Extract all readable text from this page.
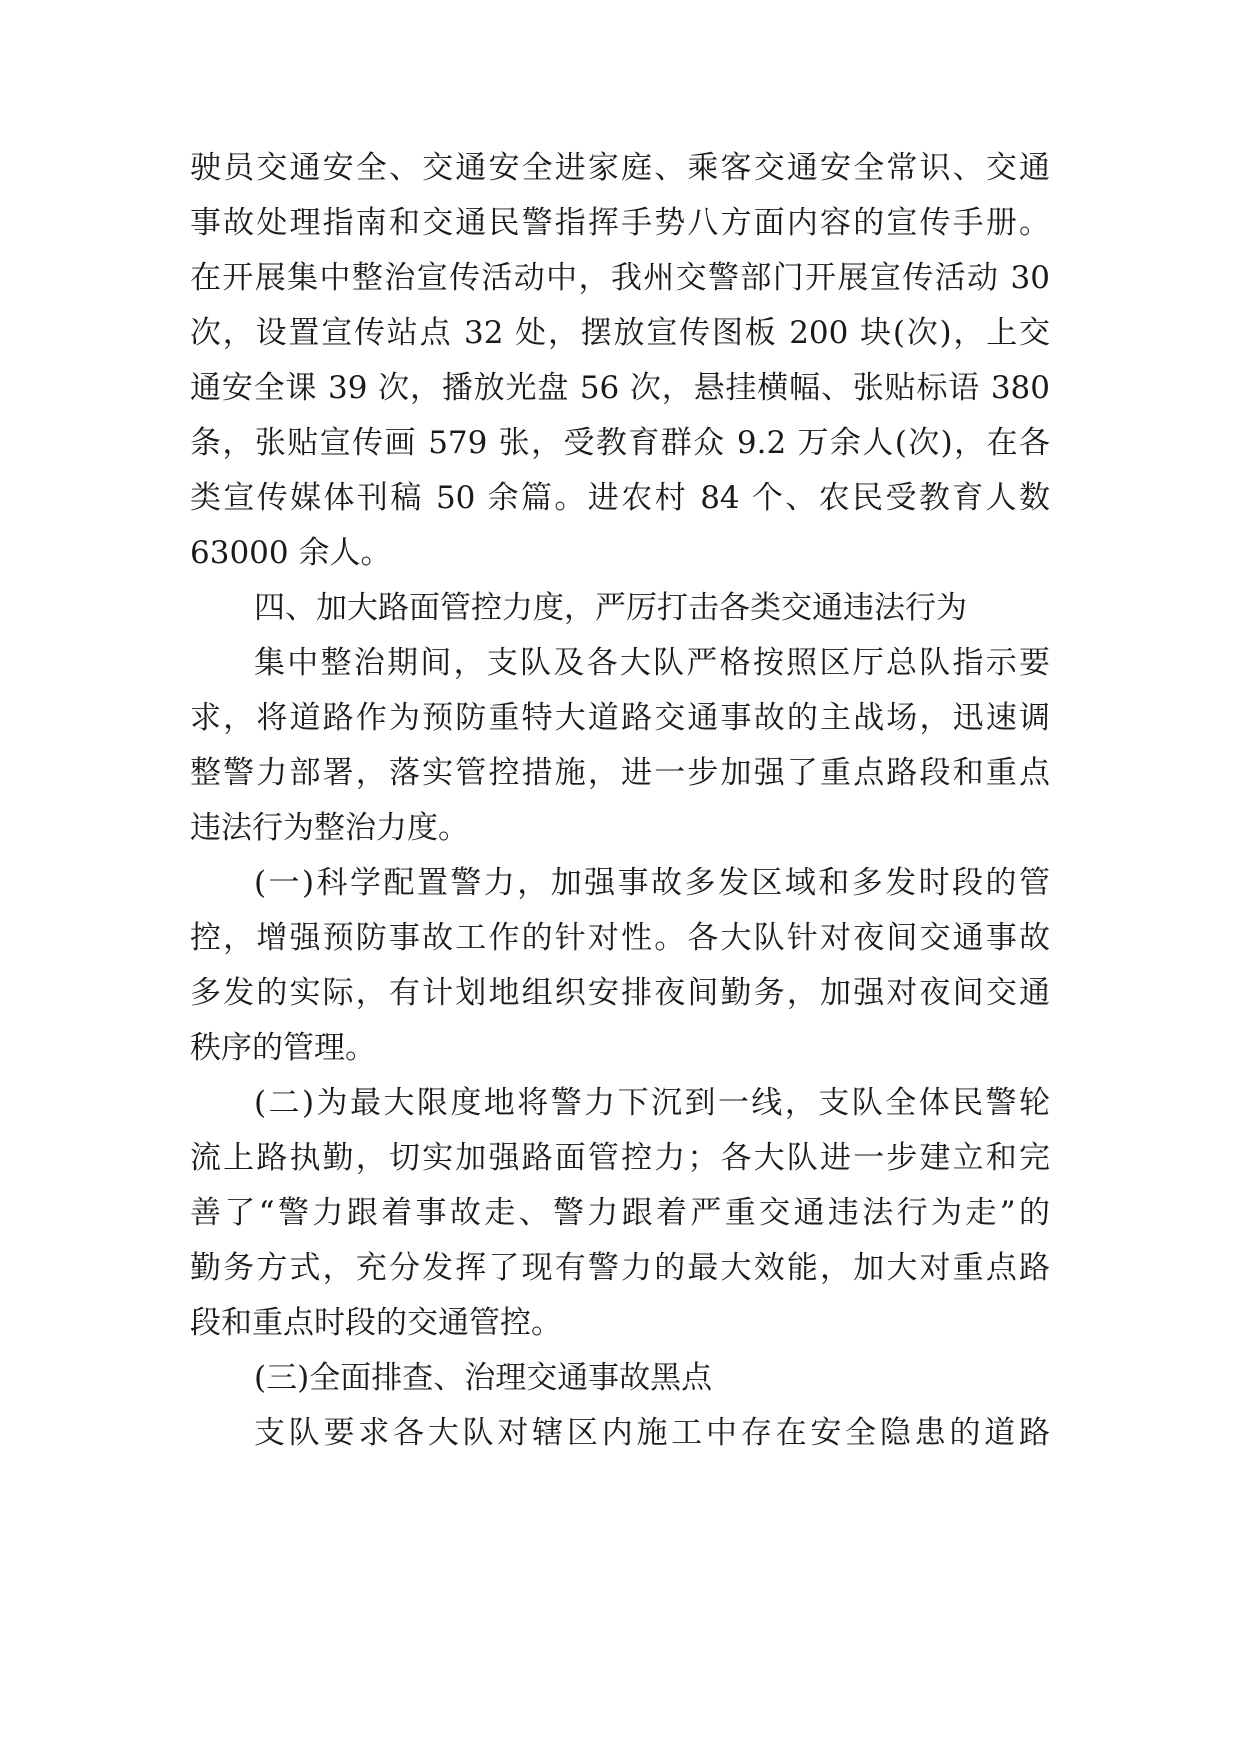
驶员交通安全、交通安全进家庭、乘客交通安全常识、交通
事故处理指南和交通民警指挥手势八方面内容的宣传手册。
在开展集中整治宣传活动中，我州交警部门开展宣传活动 30
次，设置宣传站点 32 处，摆放宣传图板 200 块(次)，上交
通安全课 39 次，播放光盘 56 次，悬挂横幅、张贴标语 380
条，张贴宣传画 579 张，受教育群众 9.2 万余人(次)，在各
类宣传媒体刊稿 50 余篇。进农村 84 个、农民受教育人数
63000 余人。
四、加大路面管控力度，严厉打击各类交通违法行为
集中整治期间，支队及各大队严格按照区厅总队指示要
求，将道路作为预防重特大道路交通事故的主战场，迅速调
整警力部署，落实管控措施，进一步加强了重点路段和重点
违法行为整治力度。
(一)科学配置警力，加强事故多发区域和多发时段的管
控，增强预防事故工作的针对性。各大队针对夜间交通事故
多发的实际，有计划地组织安排夜间勤务，加强对夜间交通
秩序的管理。
(二)为最大限度地将警力下沉到一线，支队全体民警轮
流上路执勤，切实加强路面管控力；各大队进一步建立和完
善了“警力跟着事故走、警力跟着严重交通违法行为走”的
勤务方式，充分发挥了现有警力的最大效能，加大对重点路
段和重点时段的交通管控。
(三)全面排查、治理交通事故黑点
支队要求各大队对辖区内施工中存在安全隐患的道路
